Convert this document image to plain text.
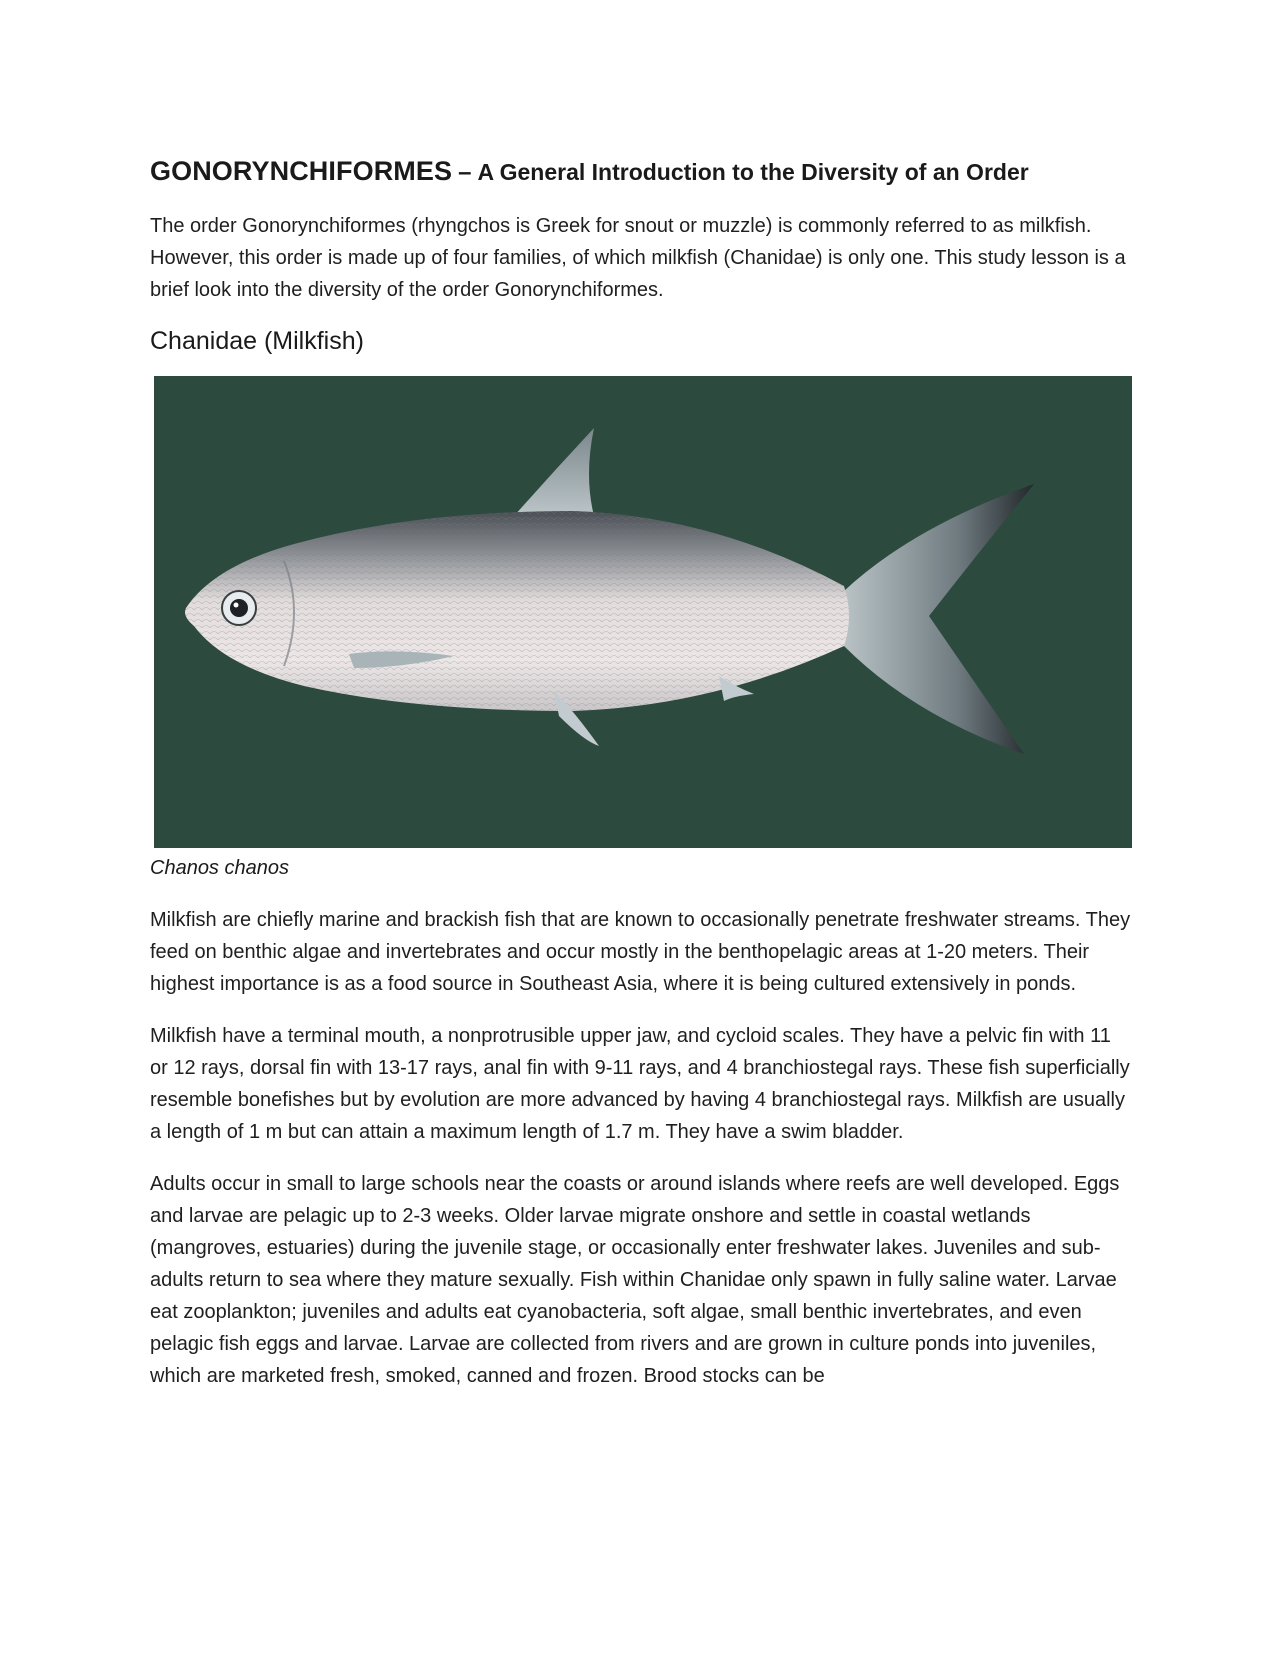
GONORYNCHIFORMES – A General Introduction to the Diversity of an Order

The order Gonorynchiformes (rhyngchos is Greek for snout or muzzle) is commonly referred to as milkfish. However, this order is made up of four families, of which milkfish (Chanidae) is only one. This study lesson is a brief look into the diversity of the order Gonorynchiformes.

Chanidae (Milkfish)
Chanos chanos

Milkfish are chiefly marine and brackish fish that are known to occasionally penetrate freshwater streams. They feed on benthic algae and invertebrates and occur mostly in the benthopelagic areas at 1-20 meters. Their highest importance is as a food source in Southeast Asia, where it is being cultured extensively in ponds.

Milkfish have a terminal mouth, a nonprotrusible upper jaw, and cycloid scales. They have a pelvic fin with 11 or 12 rays, dorsal fin with 13-17 rays, anal fin with 9-11 rays, and 4 branchiostegal rays. These fish superficially resemble bonefishes but by evolution are more advanced by having 4 branchiostegal rays. Milkfish are usually a length of 1 m but can attain a maximum length of 1.7 m. They have a swim bladder.

Adults occur in small to large schools near the coasts or around islands where reefs are well developed. Eggs and larvae are pelagic up to 2-3 weeks. Older larvae migrate onshore and settle in coastal wetlands (mangroves, estuaries) during the juvenile stage, or occasionally enter freshwater lakes. Juveniles and sub-adults return to sea where they mature sexually. Fish within Chanidae only spawn in fully saline water. Larvae eat zooplankton; juveniles and adults eat cyanobacteria, soft algae, small benthic invertebrates, and even pelagic fish eggs and larvae. Larvae are collected from rivers and are grown in culture ponds into juveniles, which are marketed fresh, smoked, canned and frozen. Brood stocks can be
